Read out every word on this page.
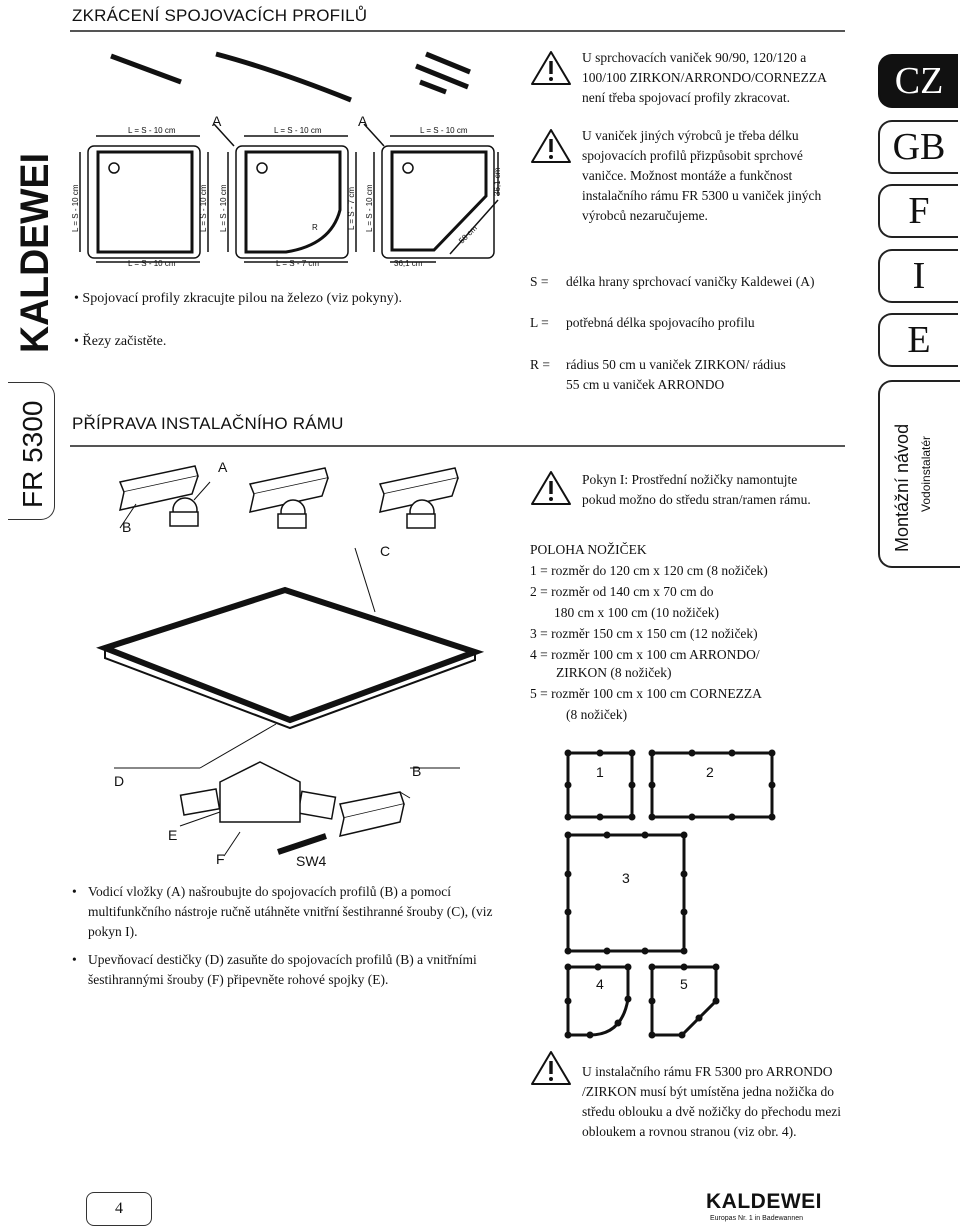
ZKRÁCENÍ SPOJOVACÍCH PROFILŮ
PŘÍPRAVA INSTALAČNÍHO RÁMU
KALDEWEI
FR 5300
CZ
GB
F
I
E
Montážní návod Vodoinstalatér
L = S - 10 cm	L = S - 10 cm	L = S - 10 cm
L = S - 10 cm	L = S - 7 cm	36,1 cm
R
L = S - 10 cm	L = S - 10 cm L = S - 10 cm	L = S - 7 cm L = S - 10 cm
36,1 cm
58 cm
A	A
• Spojovací profily zkracujte pilou na železo (viz pokyny).
• Řezy začistěte.
U sprchovacích vaniček 90/90, 120/120 a 100/100 ZIRKON/ARRONDO/CORNEZZA není třeba spojovací profily zkracovat.
U vaniček jiných výrobců je třeba délku spojovacích profilů přizpůsobit sprchové vaničce. Možnost montáže a funkčnost instalačního rámu FR 5300 u vaniček jiných výrobců nezaručujeme.
S = délka hrany sprchovací vaničky Kaldewei (A)
L = potřebná délka spojovacího profilu
R = rádius 50 cm u vaniček ZIRKON/ rádius 55 cm u vaniček ARRONDO
A
B
C
D
B
E
F	SW4
• Vodicí vložky (A) našroubujte do spojovacích profilů (B) a pomocí multifunkčního nástroje ručně utáhněte vnitřní šestihranné šrouby (C), (viz pokyn I).
• Upevňovací destičky (D) zasuňte do spojovacích profilů (B) a vnitřními šestihrannými šrouby (F) připevněte rohové spojky (E).
Pokyn I: Prostřední nožičky namontujte pokud možno do středu stran/ramen rámu.
POLOHA NOŽIČEK
1 = rozměr do 120 cm x 120 cm (8 nožiček)
2 = rozměr od 140 cm x 70 cm do
180 cm x 100 cm (10 nožiček)
3 = rozměr 150 cm x 150 cm (12 nožiček)
4 = rozměr 100 cm x 100 cm ARRONDO/
ZIRKON (8 nožiček)
5 = rozměr 100 cm x 100 cm CORNEZZA
(8 nožiček)
1	2
3
4	5
U instalačního rámu FR 5300 pro ARRONDO /ZIRKON musí být umístěna jedna nožička do středu oblouku a dvě nožičky do přechodu mezi obloukem a rovnou stranou (viz obr. 4).
4	KALDEWEI
Europas Nr. 1 in Badewannen
